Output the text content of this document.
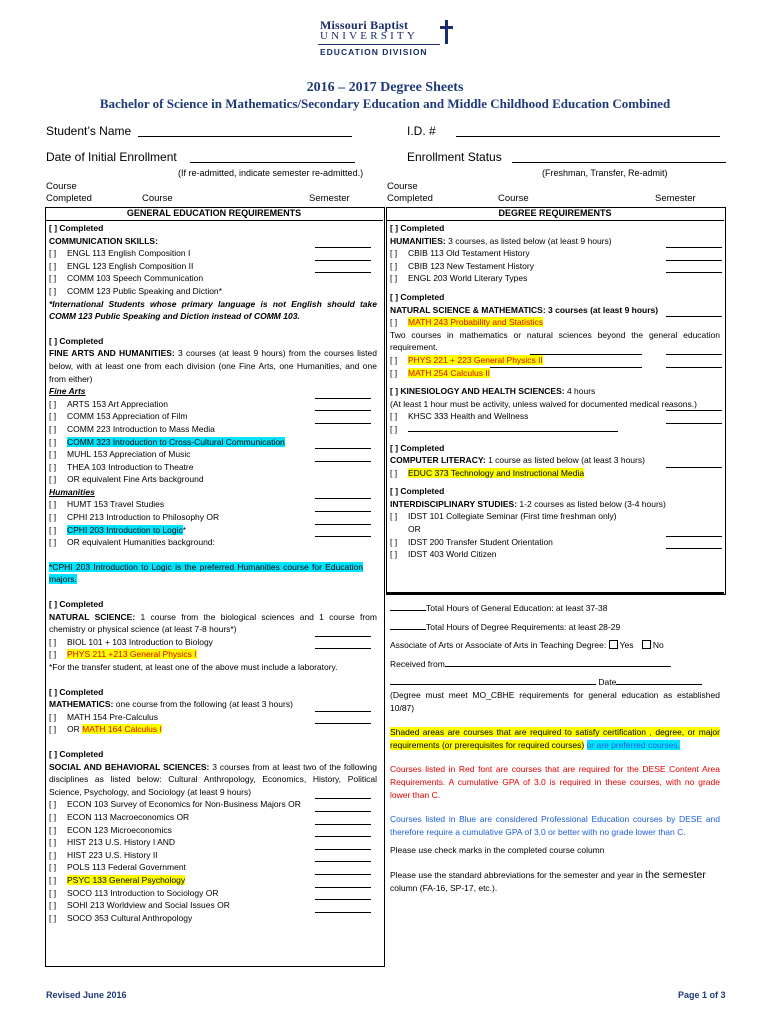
Missouri Baptist
UNIVERSITY
EDUCATION DIVISION
2016 – 2017 Degree Sheets
Bachelor of Science in Mathematics/Secondary Education and Middle Childhood Education Combined
Student’s Name	I.D. #
Date of Initial Enrollment	Enrollment Status
(If re-admitted, indicate semester re-admitted.)	(Freshman, Transfer, Re-admit)
Course
Completed	Course	Semester
Course
Completed	Course	Semester
GENERAL EDUCATION REQUIREMENTS	DEGREE REQUIREMENTS
[ ] Completed
COMMUNICATION SKILLS:
[ ] ENGL 113 English Composition I
[ ] ENGL 123 English Composition II
[ ] COMM 103 Speech Communication
[ ] COMM 123 Public Speaking and Diction*
*International Students whose primary language is not English should take COMM 123 Public Speaking and Diction instead of COMM 103.
[ ] Completed
FINE ARTS AND HUMANITIES: 3 courses (at least 9 hours) from the courses listed below, with at least one from each division (one Fine Arts, one Humanities, and one from either)
Fine Arts
[ ] ARTS 153 Art Appreciation
[ ] COMM 153 Appreciation of Film
[ ] COMM 223 Introduction to Mass Media
[ ] COMM 323 Introduction to Cross-Cultural Communication
[ ] MUHL 153 Appreciation of Music
[ ] THEA 103 Introduction to Theatre
[ ] OR equivalent Fine Arts background
Humanities
[ ] HUMT 153 Travel Studies
[ ] CPHI 213 Introduction to Philosophy OR
[ ] CPHI 203 Introduction to Logic*
[ ] OR equivalent Humanities background:
*CPHI 203 Introduction to Logic is the preferred Humanities course for Education majors.
[ ] Completed
NATURAL SCIENCE: 1 course from the biological sciences and 1 course from chemistry or physical science (at least 7-8 hours*)
[ ] BIOL 101 + 103 Introduction to Biology
[ ] PHYS 211 +213 General Physics I
*For the transfer student, at least one of the above must include a laboratory.
[ ] Completed
MATHEMATICS: one course from the following (at least 3 hours)
[ ] MATH 154 Pre-Calculus
[ ] OR MATH 164 Calculus I
[ ] Completed
SOCIAL AND BEHAVIORAL SCIENCES: 3 courses from at least two of the following disciplines as listed below: Cultural Anthropology, Economics, History, Political Science, Psychology, and Sociology (at least 9 hours)
[ ] ECON 103 Survey of Economics for Non-Business Majors OR
[ ] ECON 113 Macroeconomics OR
[ ] ECON 123 Microeconomics
[ ] HIST 213 U.S. History I AND
[ ] HIST 223 U.S. History II
[ ] POLS 113 Federal Government
[ ] PSYC 133 General Psychology
[ ] SOCO 113 Introduction to Sociology OR
[ ] SOHI 213 Worldview and Social Issues OR
[ ] SOCO 353 Cultural Anthropology
[ ] Completed
HUMANITIES: 3 courses, as listed below (at least 9 hours)
[ ] CBIB 113 Old Testament History
[ ] CBIB 123 New Testament History
[ ] ENGL 203 World Literary Types
[ ] Completed
NATURAL SCIENCE & MATHEMATICS: 3 courses (at least 9 hours)
[ ] MATH 243 Probability and Statistics
Two courses in mathematics or natural sciences beyond the general education requirement.
[ ] PHYS 221 + 223 General Physics II
[ ] MATH 254 Calculus II
[ ] KINESIOLOGY AND HEALTH SCIENCES: 4 hours
(At least 1 hour must be activity, unless waived for documented medical reasons.)
[ ] KHSC 333 Health and Wellness
[ ]
[ ] Completed
COMPUTER LITERACY: 1 course as listed below (at least 3 hours)
[ ] EDUC 373 Technology and Instructional Media
[ ] Completed
INTERDISCIPLINARY STUDIES: 1-2 courses as listed below (3-4 hours)
[ ] IDST 101 Collegiate Seminar (First time freshman only)
OR
[ ] IDST 200 Transfer Student Orientation
[ ] IDST 403 World Citizen
Total Hours of General Education: at least 37-38
Total Hours of Degree Requirements: at least 28-29
Associate of Arts or Associate of Arts in Teaching Degree: Yes No
Received from
Date
(Degree must meet MO_CBHE requirements for general education as established 10/87)
Shaded areas are courses that are required to satisfy certification , degree, or major requirements (or prerequisites for required courses) or are preferred courses.
Courses listed in Red font are courses that are required for the DESE Content Area Requirements. A cumulative GPA of 3.0 is required in these courses, with no grade lower than C.
Courses listed in Blue are considered Professional Education courses by DESE and therefore require a cumulative GPA of 3.0 or better with no grade lower than C.
Please use check marks in the completed course column
Please use the standard abbreviations for the semester and year in the semester
column (FA-16, SP-17, etc.).
Revised June 2016	Page 1 of 3
